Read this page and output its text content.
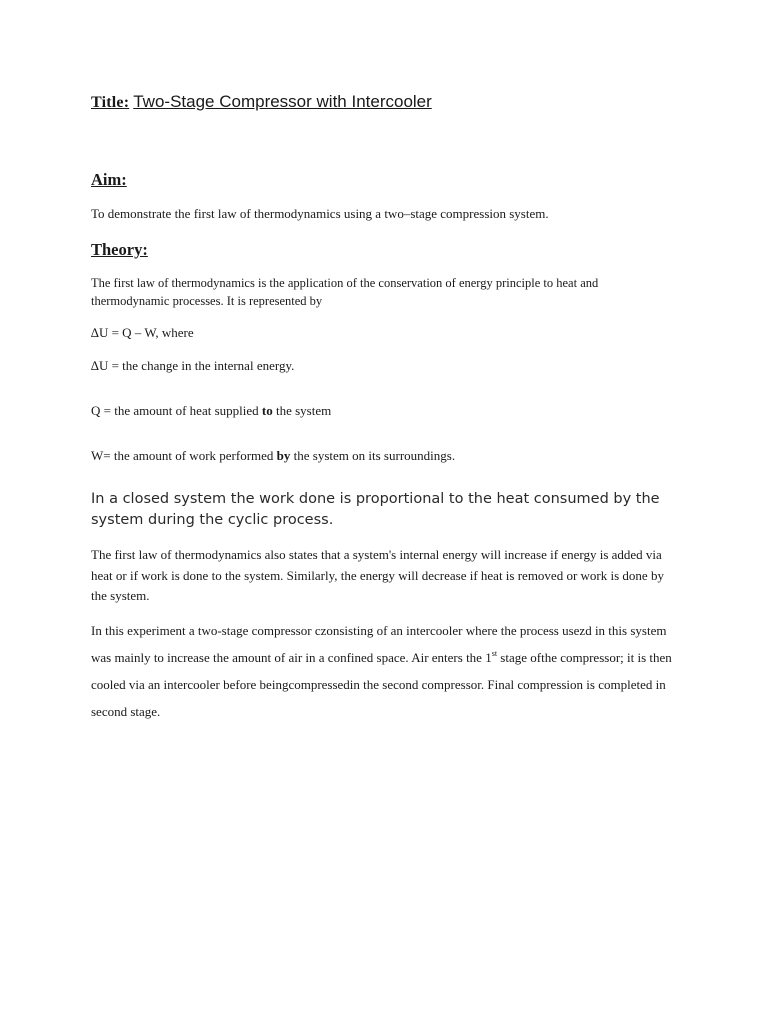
Title: Two-Stage Compressor with Intercooler
Aim:
To demonstrate the first law of thermodynamics using a two–stage compression system.
Theory:
The first law of thermodynamics is the application of the conservation of energy principle to heat and
thermodynamic processes. It is represented by
∆U = Q – W, where
∆U = the change in the internal energy.
Q = the amount of heat supplied to the system
W= the amount of work performed by the system on its surroundings.
In a closed system the work done is proportional to the heat consumed by the system during the cyclic process.
The first law of thermodynamics also states that a system's internal energy will increase if energy is added via heat or if work is done to the system. Similarly, the energy will decrease if heat is removed or work is done by the system.
In this experiment a two-stage compressor czonsisting of an intercooler where the process usezd in this system was mainly to increase the amount of air in a confined space. Air enters the 1st stage ofthe compressor; it is then cooled via an intercooler before beingcompressedin the second compressor. Final compression is completed in second stage.
